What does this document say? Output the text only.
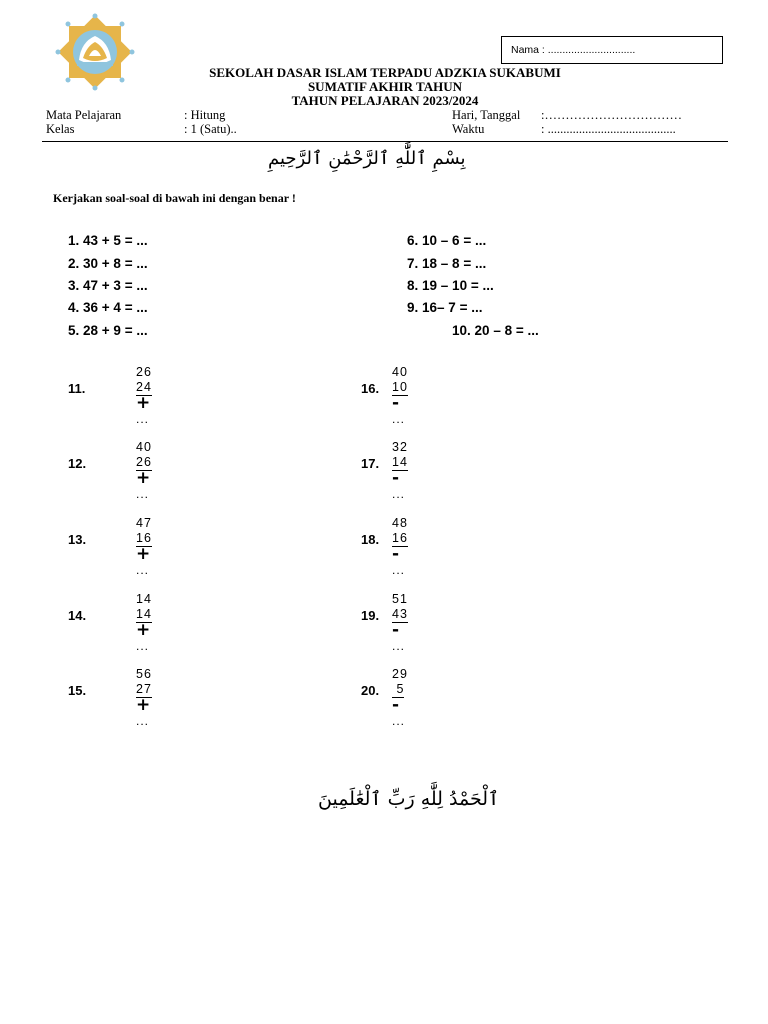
Nama : ..............................
SEKOLAH DASAR ISLAM TERPADU ADZKIA SUKABUMI
SUMATIF AKHIR TAHUN
TAHUN PELAJARAN 2023/2024
Mata Pelajaran	: Hitung
Kelas	: 1 (Satu)..
Hari, Tanggal :……………………………
Waktu	: .........................................
بِسْمِ ٱللَّٰهِ ٱلرَّحْمَٰنِ ٱلرَّحِيمِ
Kerjakan soal-soal di bawah ini dengan benar !
1. 43 + 5 = ...
2. 30 + 8 = ...
3. 47 + 3 = ...
4. 36 + 4 = ...
5. 28 + 9 = ...
6. 10 – 6 = ...
7. 18 – 8 = ...
8. 19 – 10 = ...
9. 16– 7 = ...
10. 20 – 8 = ...
11.
26
24+
...
12.
40
26+
...
13.
47
16+
...
14.
14
14+
...
15.
56
27+
...
16.
40
10-
...
17.
32
14-
...
18.
48
16-
...
19.
51
43-
...
20.
29
5-
...
ٱلْحَمْدُ لِلَّٰهِ رَبِّ ٱلْعَٰلَمِينَ
